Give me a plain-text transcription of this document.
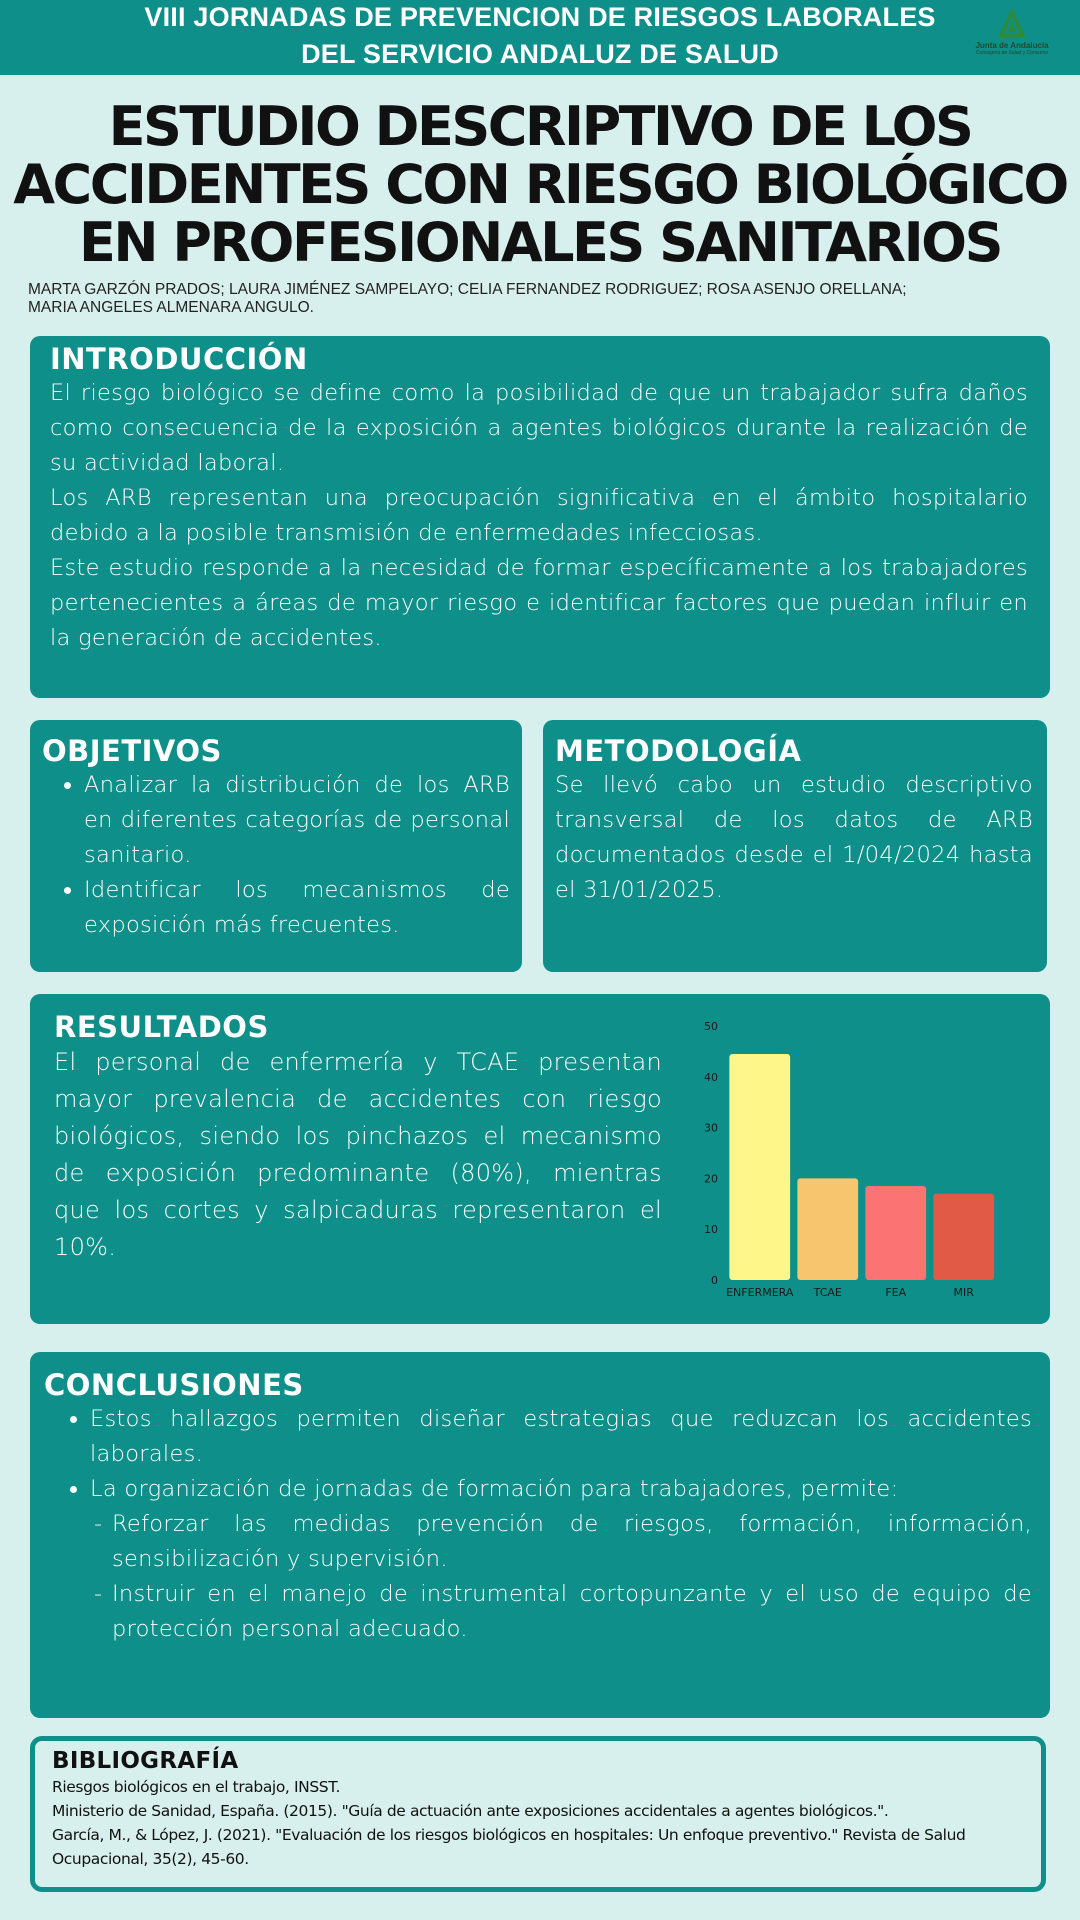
VIII JORNADAS DE PREVENCION DE RIESGOS LABORALES
DEL SERVICIO ANDALUZ DE SALUD	Junta de Andalucía
Consejería de Salud y Consumo
ESTUDIO DESCRIPTIVO DE LOS
ACCIDENTES CON RIESGO BIOLÓGICO
EN PROFESIONALES SANITARIOS
MARTA GARZÓN PRADOS; LAURA JIMÉNEZ SAMPELAYO; CELIA FERNANDEZ RODRIGUEZ; ROSA ASENJO ORELLANA;
MARIA ANGELES ALMENARA ANGULO.
INTRODUCCIÓN

El riesgo biológico se define como la posibilidad de que un trabajador sufra daños como consecuencia de la exposición a agentes biológicos durante la realización de su actividad laboral.

Los ARB representan una preocupación significativa en el ámbito hospitalario debido a la posible transmisión de enfermedades infecciosas.

Este estudio responde a la necesidad de formar específicamente a los trabajadores pertenecientes a áreas de mayor riesgo e identificar factores que puedan influir en la generación de accidentes.

OBJETIVOS
• Analizar la distribución de los ARB en diferentes categorías de personal sanitario.
• Identificar los mecanismos de exposición más frecuentes.
METODOLOGÍA
Se llevó cabo un estudio descriptivo transversal de los datos de ARB documentados desde el 1/04/2024 hasta el 31/01/2025.
RESULTADOS
El personal de enfermería y TCAE presentan mayor prevalencia de accidentes con riesgo biológicos, siendo los pinchazos el mecanismo de exposición predominante (80%), mientras que los cortes y salpicaduras representaron el 10%.
0
10
20
30
40
50
ENFERMERA TCAE	FEA	MIR
CONCLUSIONES
• Estos hallazgos permiten diseñar estrategias que reduzcan los accidentes laborales.
• La organización de jornadas de formación para trabajadores, permite:
- Reforzar las medidas prevención de riesgos, formación, información, sensibilización y supervisión.
- Instruir en el manejo de instrumental cortopunzante y el uso de equipo de protección personal adecuado.
BIBLIOGRAFÍA
Riesgos biológicos en el trabajo, INSST.
Ministerio de Sanidad, España. (2015). "Guía de actuación ante exposiciones accidentales a agentes biológicos.".
García, M., & López, J. (2021). "Evaluación de los riesgos biológicos en hospitales: Un enfoque preventivo." Revista de Salud Ocupacional, 35(2), 45-60.
